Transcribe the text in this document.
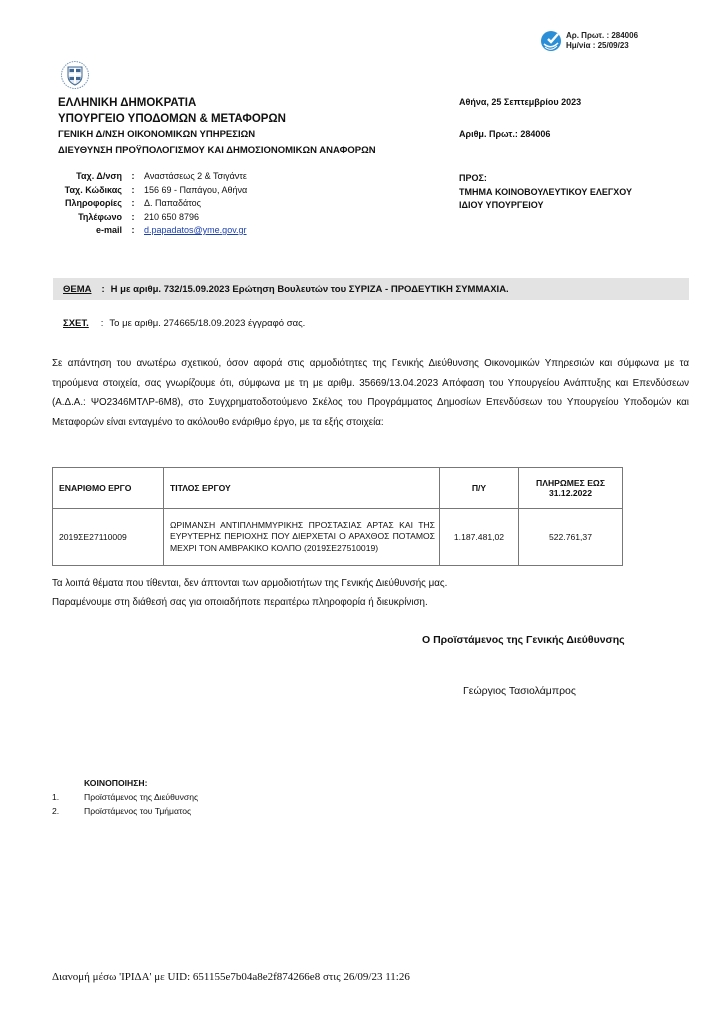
Αρ. Πρωτ. : 284006
Ημ/νία : 25/09/23
ΕΛΛΗΝΙΚΗ ΔΗΜΟΚΡΑΤΙΑ
ΥΠΟΥΡΓΕΙΟ ΥΠΟΔΟΜΩΝ & ΜΕΤΑΦΟΡΩΝ
ΓΕΝΙΚΗ Δ/ΝΣΗ ΟΙΚΟΝΟΜΙΚΩΝ ΥΠΗΡΕΣΙΩΝ
ΔΙΕΥΘΥΝΣΗ ΠΡΟΫΠΟΛΟΓΙΣΜΟΥ ΚΑΙ ΔΗΜΟΣΙΟΝΟΜΙΚΩΝ ΑΝΑΦΟΡΩΝ
Αθήνα, 25 Σεπτεμβρίου 2023
Αριθμ. Πρωτ.: 284006
Ταχ. Δ/νση	:	Αναστάσεως 2 & Τσιγάντε
Ταχ. Κώδικας	:	156 69 - Παπάγου, Αθήνα
Πληροφορίες	:	Δ. Παπαδάτος
Τηλέφωνο	:	210 650 8796
e-mail	:	d.papadatos@yme.gov.gr
ΠΡΟΣ:
ΤΜΗΜΑ ΚΟΙΝΟΒΟΥΛΕΥΤΙΚΟΥ ΕΛΕΓΧΟΥ
ΙΔΙΟΥ ΥΠΟΥΡΓΕΙΟΥ
ΘΕΜΑ : Η με αριθμ. 732/15.09.2023 Ερώτηση Βουλευτών του ΣΥΡΙΖΑ - ΠΡΟΔΕΥΤΙΚΗ ΣΥΜΜΑΧΙΑ.
ΣΧΕΤ. : Το με αριθμ. 274665/18.09.2023 έγγραφό σας.
Σε απάντηση του ανωτέρω σχετικού, όσον αφορά στις αρμοδιότητες της Γενικής Διεύθυνσης Οικονομικών Υπηρεσιών και σύμφωνα με τα τηρούμενα στοιχεία, σας γνωρίζουμε ότι, σύμφωνα με τη με αριθμ. 35669/13.04.2023 Απόφαση του Υπουργείου Ανάπτυξης και Επενδύσεων (Α.Δ.Α.: ΨΟ2346ΜΤΛΡ-6Μ8), στο Συγχρηματοδοτούμενο Σκέλος του Προγράμματος Δημοσίων Επενδύσεων του Υπουργείου Υποδομών και Μεταφορών είναι ενταγμένο το ακόλουθο ενάριθμο έργο, με τα εξής στοιχεία:
ΕΝΑΡΙΘΜΟ ΕΡΓΟ	ΤΙΤΛΟΣ ΕΡΓΟΥ	Π/Υ	ΠΛΗΡΩΜΕΣ ΕΩΣ 31.12.2022
2019ΣΕ27110009	ΩΡΙΜΑΝΣΗ ΑΝΤΙΠΛΗΜΜΥΡΙΚΗΣ ΠΡΟΣΤΑΣΙΑΣ ΑΡΤΑΣ ΚΑΙ ΤΗΣ ΕΥΡΥΤΕΡΗΣ ΠΕΡΙΟΧΗΣ ΠΟΥ ΔΙΕΡΧΕΤΑΙ Ο ΑΡΑΧΘΟΣ ΠΟΤΑΜΟΣ ΜΕΧΡΙ ΤΟΝ ΑΜΒΡΑΚΙΚΟ ΚΟΛΠΟ (2019ΣΕ27510019)	1.187.481,02	522.761,37
Τα λοιπά θέματα που τίθενται, δεν άπτονται των αρμοδιοτήτων της Γενικής Διεύθυνσής μας.
Παραμένουμε στη διάθεσή σας για οποιαδήποτε περαιτέρω πληροφορία ή διευκρίνιση.
Ο Προϊστάμενος της Γενικής Διεύθυνσης
Γεώργιος Τασιολάμπρος
ΚΟΙΝΟΠΟΙΗΣΗ:
1.	Προϊστάμενος της Διεύθυνσης
2.	Προϊστάμενος του Τμήματος
Διανομή μέσω 'ΙΡΙΔΑ' με UID: 651155e7b04a8e2f874266e8 στις 26/09/23 11:26
